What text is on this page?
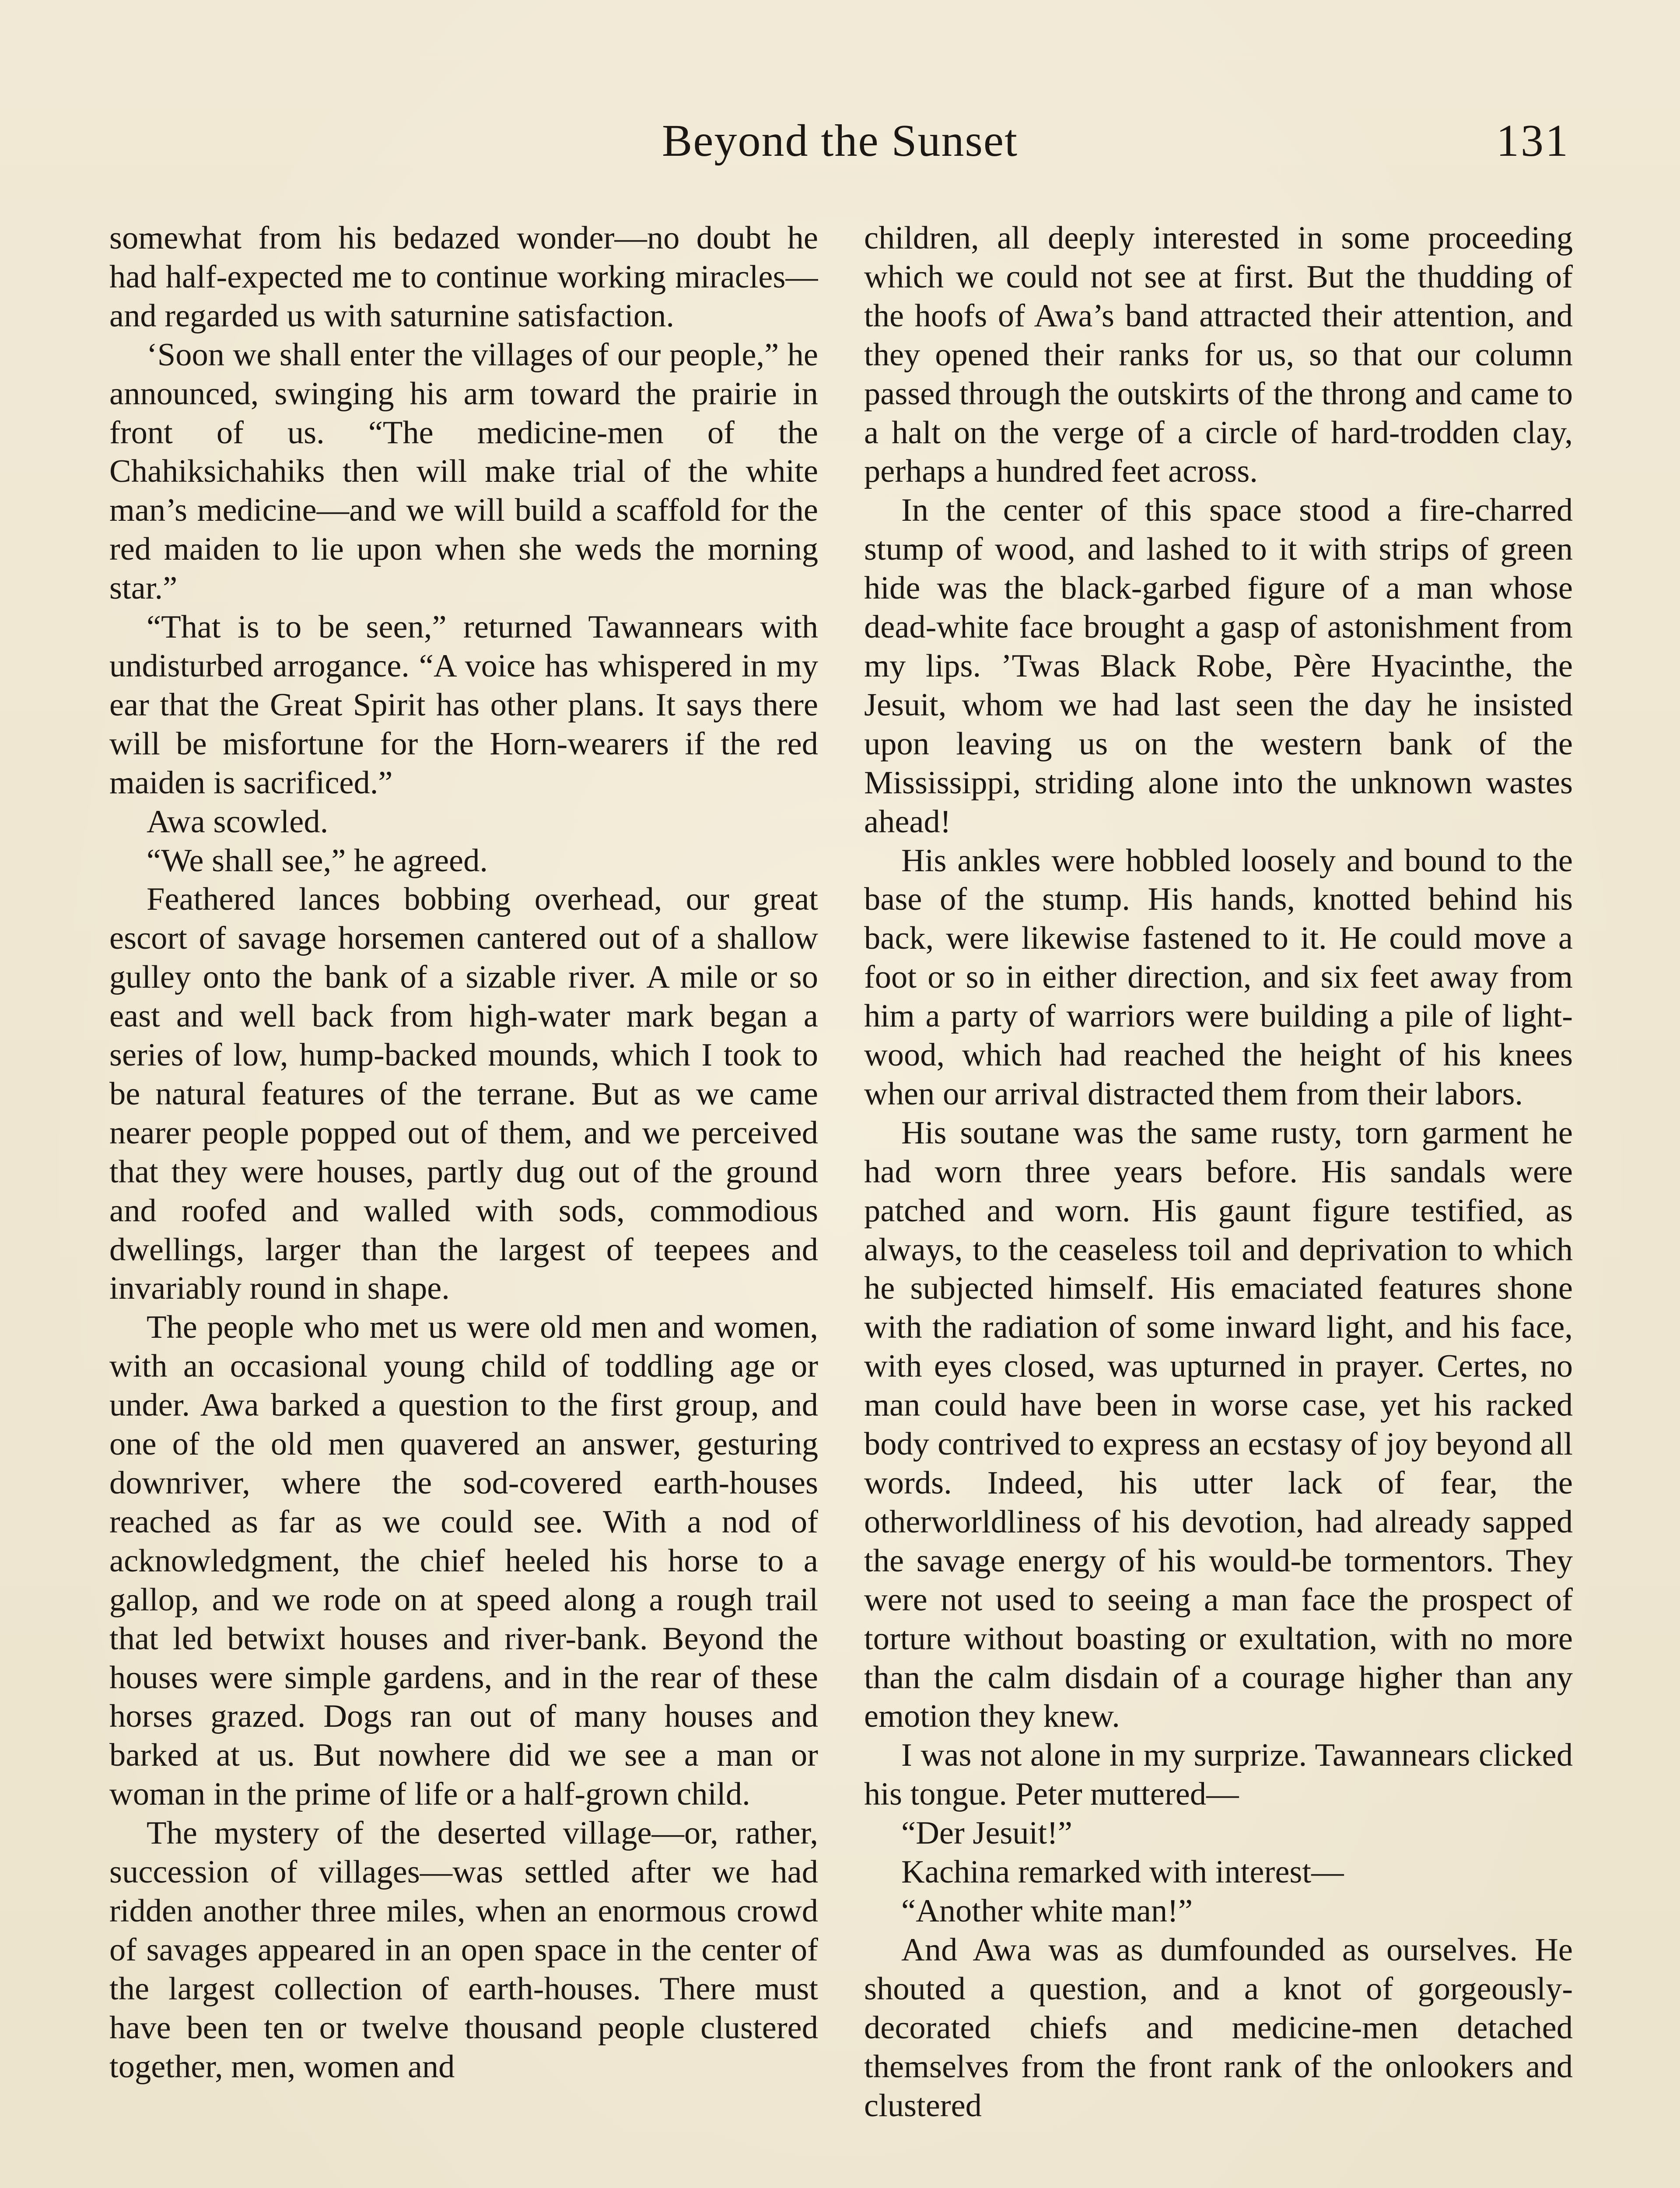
Beyond the Sunset	131

somewhat from his bedazed wonder—no doubt he had half-expected me to continue working miracles—and regarded us with saturnine satisfaction.

‘Soon we shall enter the villages of our people,” he announced, swinging his arm toward the prairie in front of us. “The medicine-men of the Chahiksichahiks then will make trial of the white man’s medicine—and we will build a scaffold for the red maiden to lie upon when she weds the morning star.”

“That is to be seen,” returned Tawannears with undisturbed arrogance. “A voice has whispered in my ear that the Great Spirit has other plans. It says there will be misfortune for the Horn-wearers if the red maiden is sacrificed.”

Awa scowled.

“We shall see,” he agreed.

Feathered lances bobbing overhead, our great escort of savage horsemen cantered out of a shallow gulley onto the bank of a sizable river. A mile or so east and well back from high-water mark began a series of low, hump-backed mounds, which I took to be natural features of the terrane. But as we came nearer people popped out of them, and we perceived that they were houses, partly dug out of the ground and roofed and walled with sods, commodious dwellings, larger than the largest of teepees and invariably round in shape.

The people who met us were old men and women, with an occasional young child of toddling age or under. Awa barked a question to the first group, and one of the old men quavered an answer, gesturing downriver, where the sod-covered earth-houses reached as far as we could see. With a nod of acknowledgment, the chief heeled his horse to a gallop, and we rode on at speed along a rough trail that led betwixt houses and river-bank. Beyond the houses were simple gardens, and in the rear of these horses grazed. Dogs ran out of many houses and barked at us. But nowhere did we see a man or woman in the prime of life or a half-grown child.

The mystery of the deserted village—or, rather, succession of villages—was settled after we had ridden another three miles, when an enormous crowd of savages appeared in an open space in the center of the largest collection of earth-houses. There must have been ten or twelve thousand people clustered together, men, women and

children, all deeply interested in some proceeding which we could not see at first. But the thudding of the hoofs of Awa’s band attracted their attention, and they opened their ranks for us, so that our column passed through the outskirts of the throng and came to a halt on the verge of a circle of hard-trodden clay, perhaps a hundred feet across.

In the center of this space stood a fire-charred stump of wood, and lashed to it with strips of green hide was the black-garbed figure of a man whose dead-white face brought a gasp of astonishment from my lips. ’Twas Black Robe, Père Hyacinthe, the Jesuit, whom we had last seen the day he insisted upon leaving us on the western bank of the Mississippi, striding alone into the unknown wastes ahead!

His ankles were hobbled loosely and bound to the base of the stump. His hands, knotted behind his back, were likewise fastened to it. He could move a foot or so in either direction, and six feet away from him a party of warriors were building a pile of light-wood, which had reached the height of his knees when our arrival distracted them from their labors.

His soutane was the same rusty, torn garment he had worn three years before. His sandals were patched and worn. His gaunt figure testified, as always, to the ceaseless toil and deprivation to which he subjected himself. His emaciated features shone with the radiation of some inward light, and his face, with eyes closed, was upturned in prayer. Certes, no man could have been in worse case, yet his racked body contrived to express an ecstasy of joy beyond all words. Indeed, his utter lack of fear, the otherworldliness of his devotion, had already sapped the savage energy of his would-be tormentors. They were not used to seeing a man face the prospect of torture without boasting or exultation, with no more than the calm disdain of a courage higher than any emotion they knew.

I was not alone in my surprize. Tawannears clicked his tongue. Peter muttered—

“Der Jesuit!”

Kachina remarked with interest—

“Another white man!”

And Awa was as dumfounded as ourselves. He shouted a question, and a knot of gorgeously-decorated chiefs and medicine-men detached themselves from the front rank of the onlookers and clustered
